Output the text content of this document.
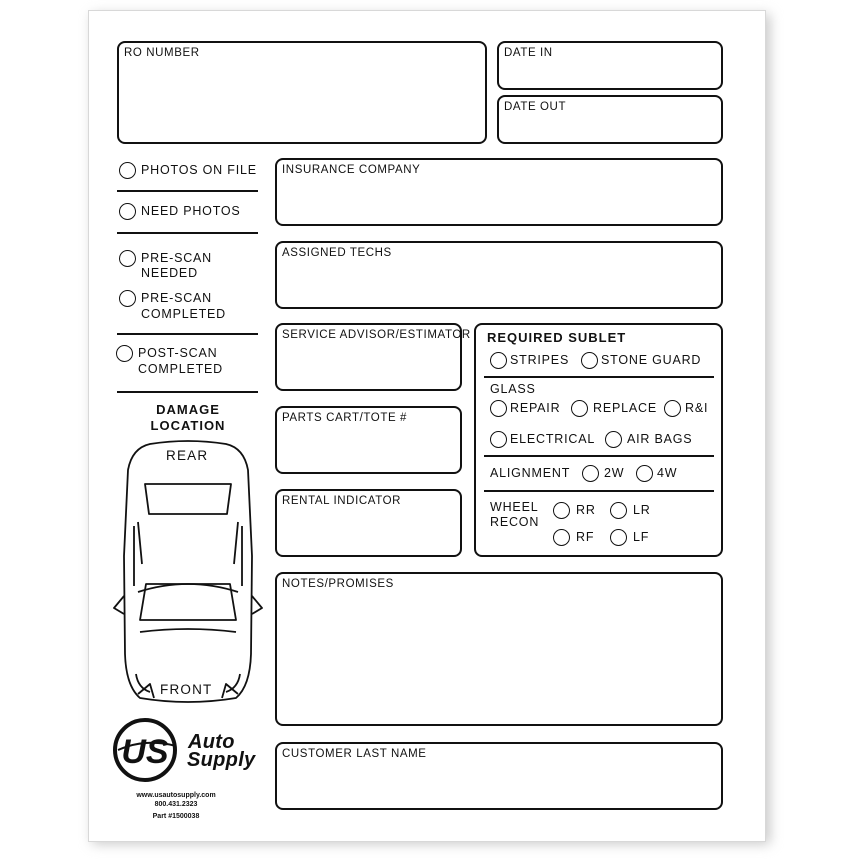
RO NUMBER	DATE IN
DATE OUT
PHOTOS ON FILE
NEED PHOTOS
PRE-SCAN
NEEDED
PRE-SCAN
COMPLETED
POST-SCAN
COMPLETED
DAMAGE
LOCATION
REAR
FRONT
US Auto
Supply
www.usautosupply.com
800.431.2323
Part #1500038
INSURANCE COMPANY
ASSIGNED TECHS
SERVICE ADVISOR/ESTIMATOR
PARTS CART/TOTE #
RENTAL INDICATOR
REQUIRED SUBLET
STRIPES	STONE GUARD
GLASS
REPAIR	REPLACE R&I
ELECTRICAL	AIR BAGS
ALIGNMENT	2W	4W
WHEEL
RECON
RR	LR
RF	LF
NOTES/PROMISES
CUSTOMER LAST NAME
